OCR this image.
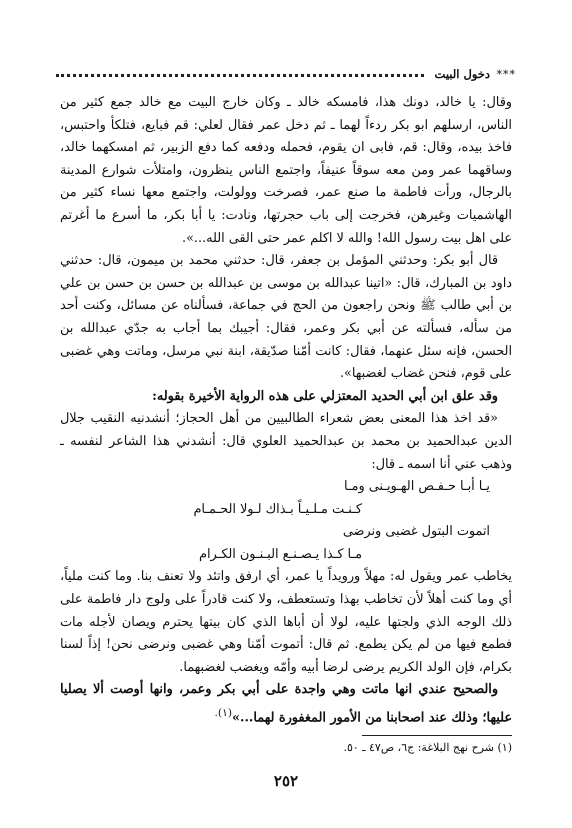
***
دخول البيت

وقال: يا خالد، دونك هذا، فامسكه خالد ـ وكان خارج البيت مع خالد جمع كثير من الناس، ارسلهم ابو بكر ردءاً لهما ـ ثم دخل عمر فقال لعلي: قم فبايع، فتلكأ واحتبس، فاخذ بيده، وقال: قم، فابى ان يقوم، فحمله ودفعه كما دفع الزبير، ثم امسكهما خالد، وساقهما عمر ومن معه سوقاً عنيفاً، واجتمع الناس ينظرون، وامتلأت شوارع المدينة بالرجال، ورأت فاطمة ما صنع عمر، فصرخت وولولت، واجتمع معها نساء كثير من الهاشميات وغيرهن، فخرجت إلى باب حجرتها، ونادت: يا أبا بكر، ما أسرع ما أغرتم على اهل بيت رسول الله! والله لا اكلم عمر حتى القى الله...».

قال أبو بكر: وحدثني المؤمل بن جعفر، قال: حدثني محمد بن ميمون، قال: حدثني داود بن المبارك، قال: «اتينا عبدالله بن موسى بن عبدالله بن حسن بن حسن بن علي بن أبي طالب ﷺ ونحن راجعون من الحج في جماعة، فسألناه عن مسائل، وكنت أحد من سأله، فسألته عن أبي بكر وعمر، فقال: أجيبك بما أجاب به جدّي عبدالله بن الحسن، فإنه سئل عنهما، فقال: كانت أمّنا صدّيقة، ابنة نبي مرسل، وماتت وهي غضبى على قوم، فنحن غضاب لغضبها».

وقد علق ابن أبي الحديد المعتزلي على هذه الرواية الأخيرة بقوله:

«قد اخذ هذا المعنى بعض شعراء الطالبيين من أهل الحجاز؛ أنشدنيه النقيب جلال الدين عبدالحميد بن محمد بن عبدالحميد العلوي قال: أنشدني هذا الشاعر لنفسه ـ وذهب عني أنا اسمه ـ قال:

يـا أبـا حـفـص الهـويـنى ومـا
كـنـت مـلـيـاً بـذاك لـولا الحـمـام
اتموت البتول غضبى ونرضى
مـا كـذا يـصـنـع البـنـون الكـرام

يخاطب عمر ويقول له: مهلاً ورويداً يا عمر، أي ارفق واتئد ولا تعنف بنا. وما كنت ملياً، أي وما كنت أهلاً لأن تخاطب بهذا وتستعطف، ولا كنت قادراً على ولوج دار فاطمة على ذلك الوجه الذي ولجتها عليه، لولا أن أباها الذي كان بيتها يحترم ويصان لأجله مات فطمع فيها من لم يكن يطمع. ثم قال: أتموت أمّنا وهي غضبى ونرضى نحن! إذاً لسنا بكرام، فإن الولد الكريم يرضى لرضا أبيه وأمّه ويغضب لغضبهما.

والصحيح عندي انها ماتت وهي واجدة على أبي بكر وعمر، وانها أوصت ألا يصليا عليها؛ وذلك عند اصحابنا من الأمور المغفورة لهما...»$^{(١).}$

(١) شرح نهج البلاغة: ج٦، ص٤٧ ـ ٥٠.
٢٥٢
